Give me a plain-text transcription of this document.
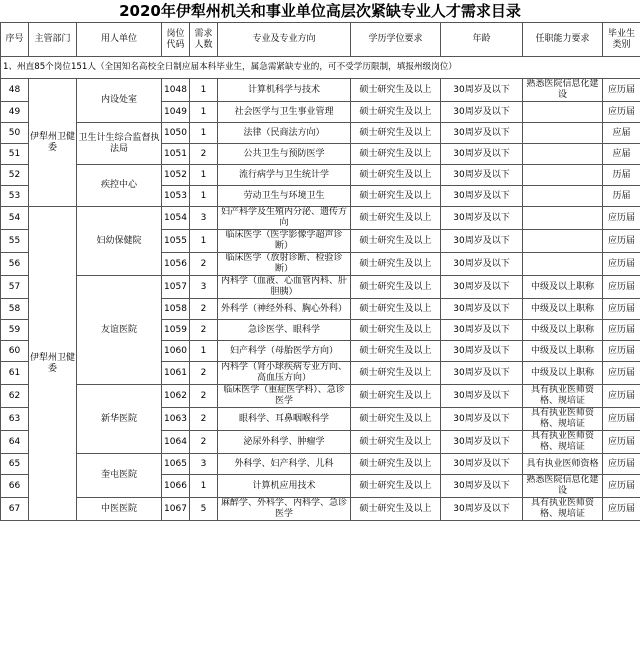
2020年伊犁州机关和事业单位高层次紧缺专业人才需求目录
序号	主管部门	用人单位	岗位代码	需求人数	专业及专业方向	学历学位要求	年龄	任职能力要求	毕业生类别
1、州直85个岗位151人（全国知名高校全日制应届本科毕业生，属急需紧缺专业的，可不受学历限制，填报州级岗位）									
48	伊犁州卫健委	内设处室	1048	1	计算机科学与技术	硕士研究生及以上	30周岁及以下	熟悉医院信息化建设	应历届
49			1049	1	社会医学与卫生事业管理	硕士研究生及以上	30周岁及以下		应历届
50		卫生计生综合监督执法局	1050	1	法律（民商法方向）	硕士研究生及以上	30周岁及以下		应届
51			1051	2	公共卫生与预防医学	硕士研究生及以上	30周岁及以下		应届
52		疾控中心	1052	1	流行病学与卫生统计学	硕士研究生及以上	30周岁及以下		历届
53			1053	1	劳动卫生与环境卫生	硕士研究生及以上	30周岁及以下		历届
54	伊犁州卫健委	妇幼保健院	1054	3	妇产科学及生殖内分泌、遗传方向	硕士研究生及以上	30周岁及以下		应历届
55			1055	1	临床医学（医学影像学超声诊断）	硕士研究生及以上	30周岁及以下		应历届
56			1056	2	临床医学（放射诊断、检验诊断）	硕士研究生及以上	30周岁及以下		应历届
57		友谊医院	1057	3	内科学（血液、心血管内科、肝胆胰）	硕士研究生及以上	30周岁及以下	中级及以上职称	应历届
58			1058	2	外科学（神经外科、胸心外科）	硕士研究生及以上	30周岁及以下	中级及以上职称	应历届
59			1059	2	急诊医学、眼科学	硕士研究生及以上	30周岁及以下	中级及以上职称	应历届
60			1060	1	妇产科学（母胎医学方向）	硕士研究生及以上	30周岁及以下	中级及以上职称	应历届
61			1061	2	内科学（肾小球疾病专业方向、高血压方向）	硕士研究生及以上	30周岁及以下	中级及以上职称	应历届
62		新华医院	1062	2	临床医学（重症医学科）、急诊医学	硕士研究生及以上	30周岁及以下	具有执业医师资格、规培证	应历届
63			1063	2	眼科学、耳鼻咽喉科学	硕士研究生及以上	30周岁及以下	具有执业医师资格、规培证	应历届
64			1064	2	泌尿外科学、肿瘤学	硕士研究生及以上	30周岁及以下	具有执业医师资格、规培证	应历届
65		奎屯医院	1065	3	外科学、妇产科学、儿科	硕士研究生及以上	30周岁及以下	具有执业医师资格	应历届
66			1066	1	计算机应用技术	硕士研究生及以上	30周岁及以下	熟悉医院信息化建设	应历届
67		中医医院	1067	5	麻醉学、外科学、内科学、急诊医学	硕士研究生及以上	30周岁及以下	具有执业医师资格、规培证	应历届
